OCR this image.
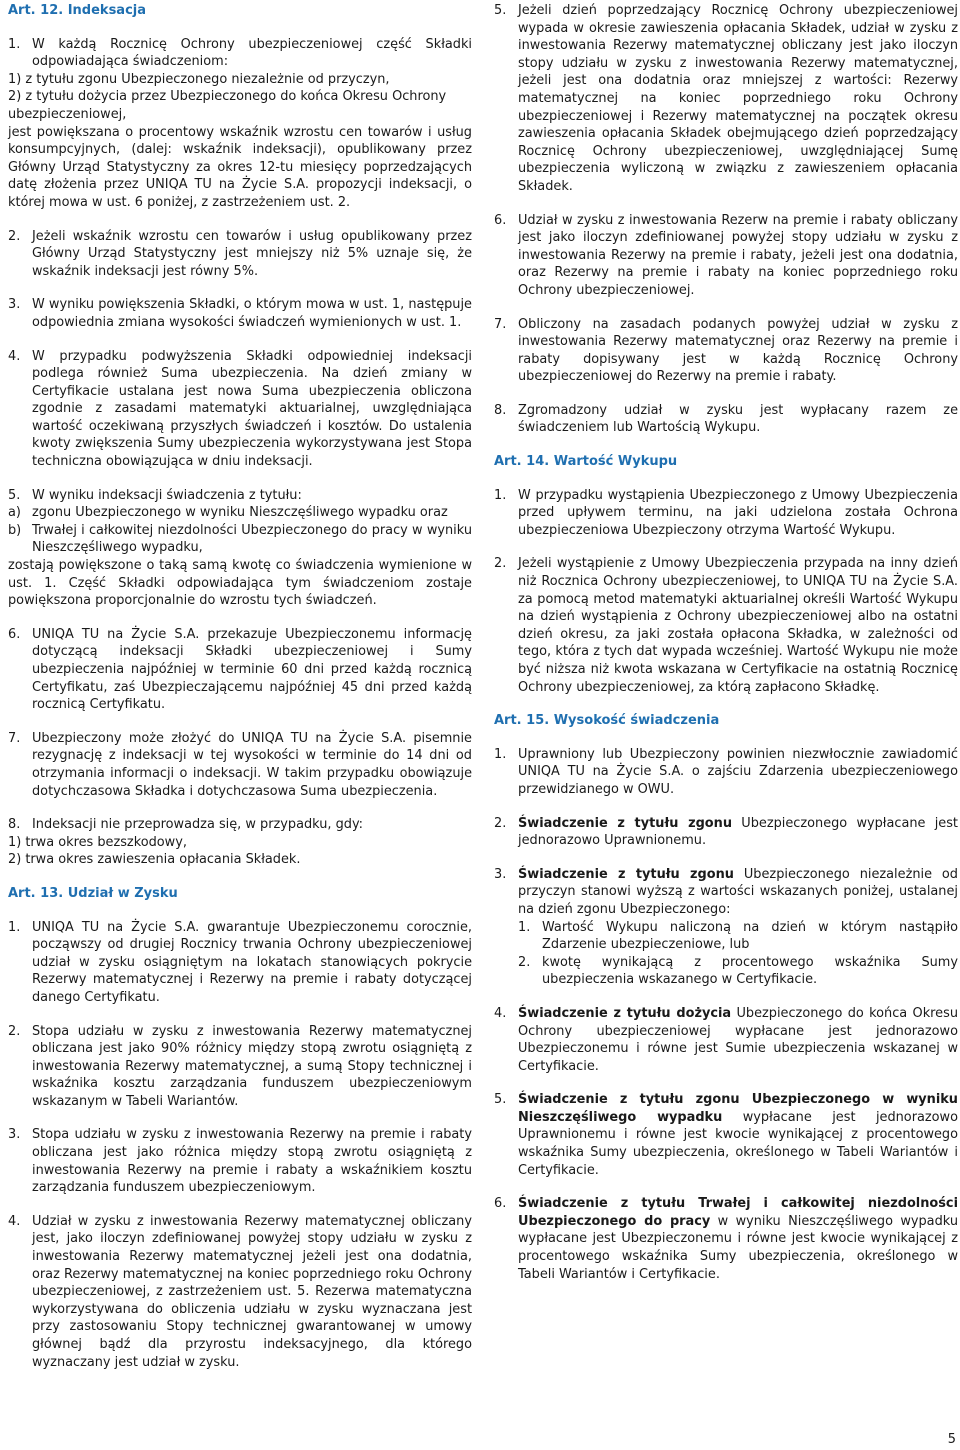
Art. 12. Indeksacja
1. W każdą Rocznicę Ochrony ubezpieczeniowej część Składki odpowiadająca świadczeniom:
1) z tytułu zgonu Ubezpieczonego niezależnie od przyczyn,
2) z tytułu dożycia przez Ubezpieczonego do końca Okresu Ochrony ubezpieczeniowej,
jest powiększana o procentowy wskaźnik wzrostu cen towarów i usług konsumpcyjnych, (dalej: wskaźnik indeksacji), opublikowany przez Główny Urząd Statystyczny za okres 12-tu miesięcy poprzedzających datę złożenia przez UNIQA TU na Życie S.A. propozycji indeksacji, o której mowa w ust. 6 poniżej, z zastrzeżeniem ust. 2.
2. Jeżeli wskaźnik wzrostu cen towarów i usług opublikowany przez Główny Urząd Statystyczny jest mniejszy niż 5% uznaje się, że wskaźnik indeksacji jest równy 5%.
3. W wyniku powiększenia Składki, o którym mowa w ust. 1, następuje odpowiednia zmiana wysokości świadczeń wymienionych w ust. 1.
4. W przypadku podwyższenia Składki odpowiedniej indeksacji podlega również Suma ubezpieczenia. Na dzień zmiany w Certyfikacie ustalana jest nowa Suma ubezpieczenia obliczona zgodnie z zasadami matematyki aktuarialnej, uwzględniająca wartość oczekiwaną przyszłych świadczeń i kosztów. Do ustalenia kwoty zwiększenia Sumy ubezpieczenia wykorzystywana jest Stopa techniczna obowiązująca w dniu indeksacji.
5. W wyniku indeksacji świadczenia z tytułu:
a) zgonu Ubezpieczonego w wyniku Nieszczęśliwego wypadku oraz
b) Trwałej i całkowitej niezdolności Ubezpieczonego do pracy w wyniku Nieszczęśliwego wypadku,
zostają powiększone o taką samą kwotę co świadczenia wymienione w ust. 1. Część Składki odpowiadająca tym świadczeniom zostaje powiększona proporcjonalnie do wzrostu tych świadczeń.
6. UNIQA TU na Życie S.A. przekazuje Ubezpieczonemu informację dotyczącą indeksacji Składki ubezpieczeniowej i Sumy ubezpieczenia najpóźniej w terminie 60 dni przed każdą rocznicą Certyfikatu, zaś Ubezpieczającemu najpóźniej 45 dni przed każdą rocznicą Certyfikatu.
7. Ubezpieczony może złożyć do UNIQA TU na Życie S.A. pisemnie rezygnację z indeksacji w tej wysokości w terminie do 14 dni od otrzymania informacji o indeksacji. W takim przypadku obowiązuje dotychczasowa Składka i dotychczasowa Suma ubezpieczenia.
8. Indeksacji nie przeprowadza się, w przypadku, gdy:
1) trwa okres bezszkodowy,
2) trwa okres zawieszenia opłacania Składek.
Art. 13. Udział w Zysku
1. UNIQA TU na Życie S.A. gwarantuje Ubezpieczonemu corocznie, począwszy od drugiej Rocznicy trwania Ochrony ubezpieczeniowej udział w zysku osiągniętym na lokatach stanowiących pokrycie Rezerwy matematycznej i Rezerwy na premie i rabaty dotyczącej danego Certyfikatu.
2. Stopa udziału w zysku z inwestowania Rezerwy matematycznej obliczana jest jako 90% różnicy między stopą zwrotu osiągniętą z inwestowania Rezerwy matematycznej, a sumą Stopy technicznej i wskaźnika kosztu zarządzania funduszem ubezpieczeniowym wskazanym w Tabeli Wariantów.
3. Stopa udziału w zysku z inwestowania Rezerwy na premie i rabaty obliczana jest jako różnica między stopą zwrotu osiągniętą z inwestowania Rezerwy na premie i rabaty a wskaźnikiem kosztu zarządzania funduszem ubezpieczeniowym.
4. Udział w zysku z inwestowania Rezerwy matematycznej obliczany jest, jako iloczyn zdefiniowanej powyżej stopy udziału w zysku z inwestowania Rezerwy matematycznej jeżeli jest ona dodatnia, oraz Rezerwy matematycznej na koniec poprzedniego roku Ochrony ubezpieczeniowej, z zastrzeżeniem ust. 5. Rezerwa matematyczna wykorzystywana do obliczenia udziału w zysku wyznaczana jest przy zastosowaniu Stopy technicznej gwarantowanej w umowy głównej bądź dla przyrostu indeksacyjnego, dla którego wyznaczany jest udział w zysku.
5. Jeżeli dzień poprzedzający Rocznicę Ochrony ubezpieczeniowej wypada w okresie zawieszenia opłacania Składek, udział w zysku z inwestowania Rezerwy matematycznej obliczany jest jako iloczyn stopy udziału w zysku z inwestowania Rezerwy matematycznej, jeżeli jest ona dodatnia oraz mniejszej z wartości: Rezerwy matematycznej na koniec poprzedniego roku Ochrony ubezpieczeniowej i Rezerwy matematycznej na początek okresu zawieszenia opłacania Składek obejmującego dzień poprzedzający Rocznicę Ochrony ubezpieczeniowej, uwzględniającej Sumę ubezpieczenia wyliczoną w związku z zawieszeniem opłacania Składek.
6. Udział w zysku z inwestowania Rezerw na premie i rabaty obliczany jest jako iloczyn zdefiniowanej powyżej stopy udziału w zysku z inwestowania Rezerwy na premie i rabaty, jeżeli jest ona dodatnia, oraz Rezerwy na premie i rabaty na koniec poprzedniego roku Ochrony ubezpieczeniowej.
7. Obliczony na zasadach podanych powyżej udział w zysku z inwestowania Rezerwy matematycznej oraz Rezerwy na premie i rabaty dopisywany jest w każdą Rocznicę Ochrony ubezpieczeniowej do Rezerwy na premie i rabaty.
8. Zgromadzony udział w zysku jest wypłacany razem ze świadczeniem lub Wartością Wykupu.
Art. 14. Wartość Wykupu
1. W przypadku wystąpienia Ubezpieczonego z Umowy Ubezpieczenia przed upływem terminu, na jaki udzielona została Ochrona ubezpieczeniowa Ubezpieczony otrzyma Wartość Wykupu.
2. Jeżeli wystąpienie z Umowy Ubezpieczenia przypada na inny dzień niż Rocznica Ochrony ubezpieczeniowej, to UNIQA TU na Życie S.A. za pomocą metod matematyki aktuarialnej określi Wartość Wykupu na dzień wystąpienia z Ochrony ubezpieczeniowej albo na ostatni dzień okresu, za jaki została opłacona Składka, w zależności od tego, która z tych dat wypada wcześniej. Wartość Wykupu nie może być niższa niż kwota wskazana w Certyfikacie na ostatnią Rocznicę Ochrony ubezpieczeniowej, za którą zapłacono Składkę.
Art. 15. Wysokość świadczenia
1. Uprawniony lub Ubezpieczony powinien niezwłocznie zawiadomić UNIQA TU na Życie S.A. o zajściu Zdarzenia ubezpieczeniowego przewidzianego w OWU.
2. Świadczenie z tytułu zgonu Ubezpieczonego wypłacane jest jednorazowo Uprawnionemu.
3. Świadczenie z tytułu zgonu Ubezpieczonego niezależnie od przyczyn stanowi wyższą z wartości wskazanych poniżej, ustalanej na dzień zgonu Ubezpieczonego:
1. Wartość Wykupu naliczoną na dzień w którym nastąpiło Zdarzenie ubezpieczeniowe, lub
2. kwotę wynikającą z procentowego wskaźnika Sumy ubezpieczenia wskazanego w Certyfikacie.
4. Świadczenie z tytułu dożycia Ubezpieczonego do końca Okresu Ochrony ubezpieczeniowej wypłacane jest jednorazowo Ubezpieczonemu i równe jest Sumie ubezpieczenia wskazanej w Certyfikacie.
5. Świadczenie z tytułu zgonu Ubezpieczonego w wyniku Nieszczęśliwego wypadku wypłacane jest jednorazowo Uprawnionemu i równe jest kwocie wynikającej z procentowego wskaźnika Sumy ubezpieczenia, określonego w Tabeli Wariantów i Certyfikacie.
6. Świadczenie z tytułu Trwałej i całkowitej niezdolności Ubezpieczonego do pracy w wyniku Nieszczęśliwego wypadku wypłacane jest Ubezpieczonemu i równe jest kwocie wynikającej z procentowego wskaźnika Sumy ubezpieczenia, określonego w Tabeli Wariantów i Certyfikacie.
5
